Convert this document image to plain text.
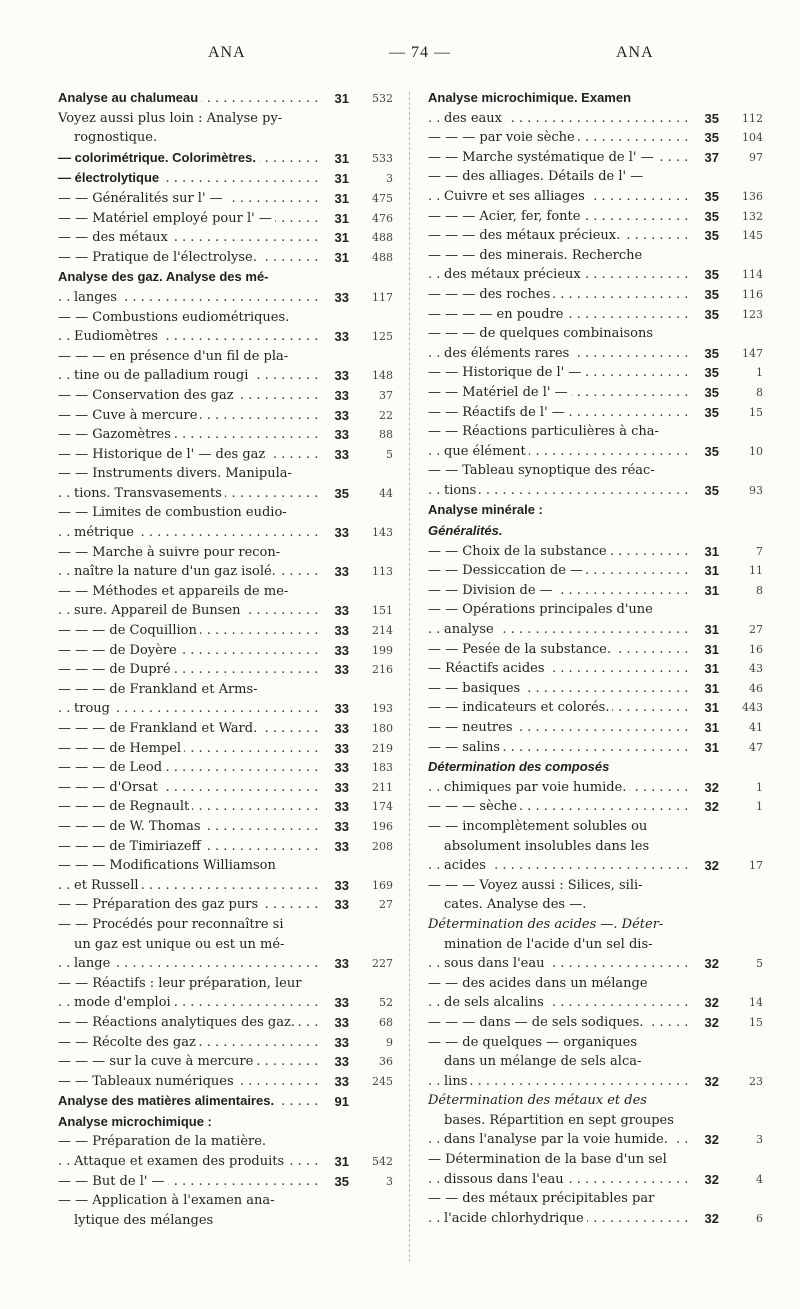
ANA	— 74 —	ANA
Analyse au chalumeau . . .	31	532
Voyez aussi plus loin : Analyse py-
rognostique.
— colorimétrique. Colorimètres. . . .	31	533
— électrolytique . . .	31	3
— — Généralités sur l' — . . .	31	475
— — Matériel employé pour l' — . . .	31	476
— — des métaux . . .	31	488
— — Pratique de l'électrolyse. . . .	31	488
Analyse des gaz. Analyse des mé-
langes . . .	33	117
— — Combustions eudiométriques.
Eudiomètres . . .	33	125
— — — en présence d'un fil de pla-
tine ou de palladium rougi . . .	33	148
— — Conservation des gaz . . .	33	37
— — Cuve à mercure . . .	33	22
— — Gazomètres . . .	33	88
— — Historique de l' — des gaz . . .	33	5
— — Instruments divers. Manipula-
tions. Transvasements . . .	35	44
— — Limites de combustion eudio-
métrique . . .	33	143
— — Marche à suivre pour recon-
naître la nature d'un gaz isolé. . . .	33	113
— — Méthodes et appareils de me-
sure. Appareil de Bunsen . . .	33	151
— — — de Coquillion . . .	33	214
— — — de Doyère . . .	33	199
— — — de Dupré . . .	33	216
— — — de Frankland et Arms-
troug . . .	33	193
— — — de Frankland et Ward. . . .	33	180
— — — de Hempel . . .	33	219
— — — de Leod . . .	33	183
— — — d'Orsat . . .	33	211
— — — de Regnault . . .	33	174
— — — de W. Thomas . . .	33	196
— — — de Timiriazeff . . .	33	208
— — — Modifications Williamson
et Russell . . .	33	169
— — Préparation des gaz purs . . .	33	27
— — Procédés pour reconnaître si
un gaz est unique ou est un mé-
lange . . .	33	227
— — Réactifs : leur préparation, leur
mode d'emploi . . .	33	52
— — Réactions analytiques des gaz. . . .	33	68
— — Récolte des gaz . . .	33	9
— — — sur la cuve à mercure . . .	33	36
— — Tableaux numériques . . .	33	245
Analyse des matières alimentaires. . . .	91
Analyse microchimique :
— — Préparation de la matière.
Attaque et examen des produits . . .	31	542
— — But de l' — . . .	35	3
— — Application à l'examen ana-
lytique des mélanges
Analyse microchimique. Examen
des eaux . . .	35	112
— — — par voie sèche . . .	35	104
— — Marche systématique de l' — . . .	37	97
— — des alliages. Détails de l' —
Cuivre et ses alliages . . .	35	136
— — — Acier, fer, fonte . . .	35	132
— — — des métaux précieux. . . .	35	145
— — — des minerais. Recherche
des métaux précieux . . .	35	114
— — — des roches . . .	35	116
— — — — en poudre . . .	35	123
— — — de quelques combinaisons
des éléments rares . . .	35	147
— — Historique de l' — . . .	35	1
— — Matériel de l' — . . .	35	8
— — Réactifs de l' — . . .	35	15
— — Réactions particulières à cha-
que élément . . .	35	10
— — Tableau synoptique des réac-
tions . . .	35	93
Analyse minérale :
Généralités.
— — Choix de la substance . . .	31	7
— — Dessiccation de — . . .	31	11
— — Division de — . . .	31	8
— — Opérations principales d'une
analyse . . .	31	27
— — Pesée de la substance. . . .	31	16
— Réactifs acides . . .	31	43
— — basiques . . .	31	46
— — indicateurs et colorés. . . .	31	443
— — neutres . . .	31	41
— — salins . . .	31	47
Détermination des composés
chimiques par voie humide. . . .	32	1
— — — sèche . . .	32	1
— — incomplètement solubles ou
absolument insolubles dans les
acides . . .	32	17
— — — Voyez aussi : Silices, sili-
cates. Analyse des —.
Détermination des acides —. Déter-
mination de l'acide d'un sel dis-
sous dans l'eau . . .	32	5
— — des acides dans un mélange
de sels alcalins . . .	32	14
— — — dans — de sels sodiques. . . .	32	15
— — de quelques — organiques
dans un mélange de sels alca-
lins . . .	32	23
Détermination des métaux et des
bases. Répartition en sept groupes
dans l'analyse par la voie humide. . . .	32	3
— Détermination de la base d'un sel
dissous dans l'eau . . .	32	4
— — des métaux précipitables par
l'acide chlorhydrique . . .	32	6
